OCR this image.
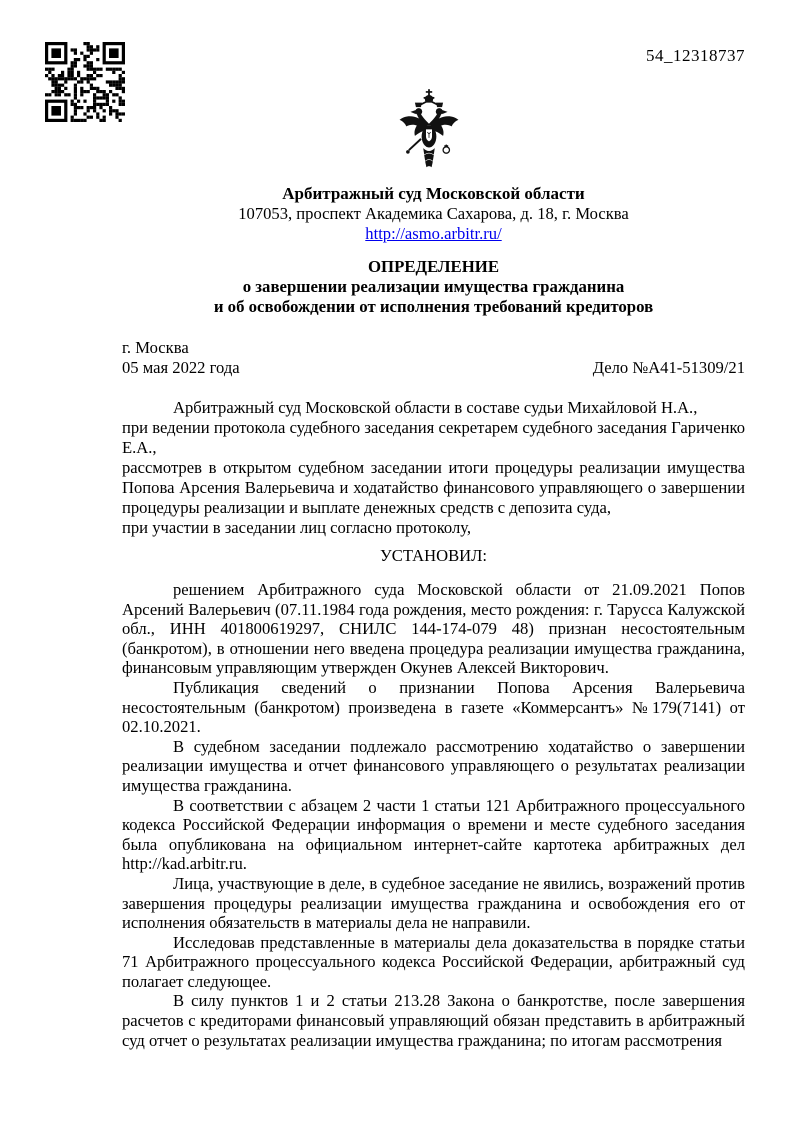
54_12318737
Арбитражный суд Московской области
107053, проспект Академика Сахарова, д. 18, г. Москва
http://asmo.arbitr.ru/
ОПРЕДЕЛЕНИЕ
о завершении реализации имущества гражданина
и об освобождении от исполнения требований кредиторов
г. Москва
05 мая 2022 года	Дело №А41-51309/21

Арбитражный суд Московской области в составе судьи Михайловой Н.А.,

при ведении протокола судебного заседания секретарем судебного заседания Гариченко Е.А.,

рассмотрев в открытом судебном заседании итоги процедуры реализации имущества Попова Арсения Валерьевича и ходатайство финансового управляющего о завершении процедуры реализации и выплате денежных средств с депозита суда,

при участии в заседании лиц согласно протоколу,

УСТАНОВИЛ:

решением Арбитражного суда Московской области от 21.09.2021 Попов Арсений Валерьевич (07.11.1984 года рождения, место рождения: г. Тарусса Калужской обл., ИНН 401800619297, СНИЛС 144-174-079 48) признан несостоятельным (банкротом), в отношении него введена процедура реализации имущества гражданина, финансовым управляющим утвержден Окунев Алексей Викторович.

Публикация сведений о признании Попова Арсения Валерьевича несостоятельным (банкротом) произведена в газете «Коммерсантъ» №179(7141) от 02.10.2021.

В судебном заседании подлежало рассмотрению ходатайство о завершении реализации имущества и отчет финансового управляющего о результатах реализации имущества гражданина.

В соответствии с абзацем 2 части 1 статьи 121 Арбитражного процессуального кодекса Российской Федерации информация о времени и месте судебного заседания была опубликована на официальном интернет-сайте картотека арбитражных дел http://kad.arbitr.ru.

Лица, участвующие в деле, в судебное заседание не явились, возражений против завершения процедуры реализации имущества гражданина и освобождения его от исполнения обязательств в материалы дела не направили.

Исследовав представленные в материалы дела доказательства в порядке статьи 71 Арбитражного процессуального кодекса Российской Федерации, арбитражный суд полагает следующее.

В силу пунктов 1 и 2 статьи 213.28 Закона о банкротстве, после завершения расчетов с кредиторами финансовый управляющий обязан представить в арбитражный суд отчет о результатах реализации имущества гражданина; по итогам рассмотрения
